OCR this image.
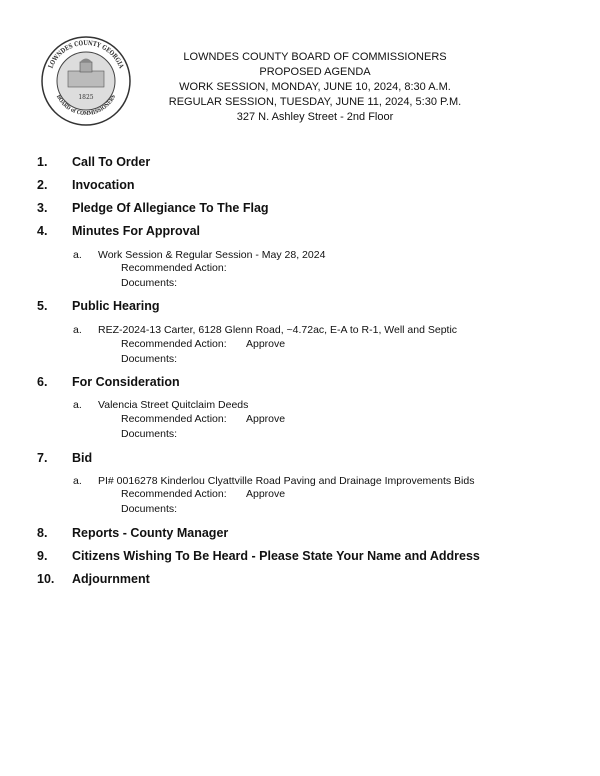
LOWNDES COUNTY GEORGIA
BOARD of COMMISSIONERS
1825
LOWNDES COUNTY BOARD OF COMMISSIONERS
PROPOSED AGENDA
WORK SESSION, MONDAY, JUNE 10, 2024, 8:30 A.M.
REGULAR SESSION, TUESDAY, JUNE 11, 2024, 5:30 P.M.
327 N. Ashley Street - 2nd Floor
1. Call To Order
2. Invocation
3. Pledge Of Allegiance To The Flag
4. Minutes For Approval
a. Work Session & Regular Session - May 28, 2024
Recommended Action:
Documents:
5. Public Hearing
a. REZ-2024-13 Carter, 6128 Glenn Road, ~4.72ac, E-A to R-1, Well and Septic
Recommended Action: Approve
Documents:
6. For Consideration
a. Valencia Street Quitclaim Deeds
Recommended Action: Approve
Documents:
7. Bid
a. PI# 0016278 Kinderlou Clyattville Road Paving and Drainage Improvements Bids
Recommended Action: Approve
Documents:
8. Reports - County Manager
9. Citizens Wishing To Be Heard - Please State Your Name and Address
10. Adjournment
